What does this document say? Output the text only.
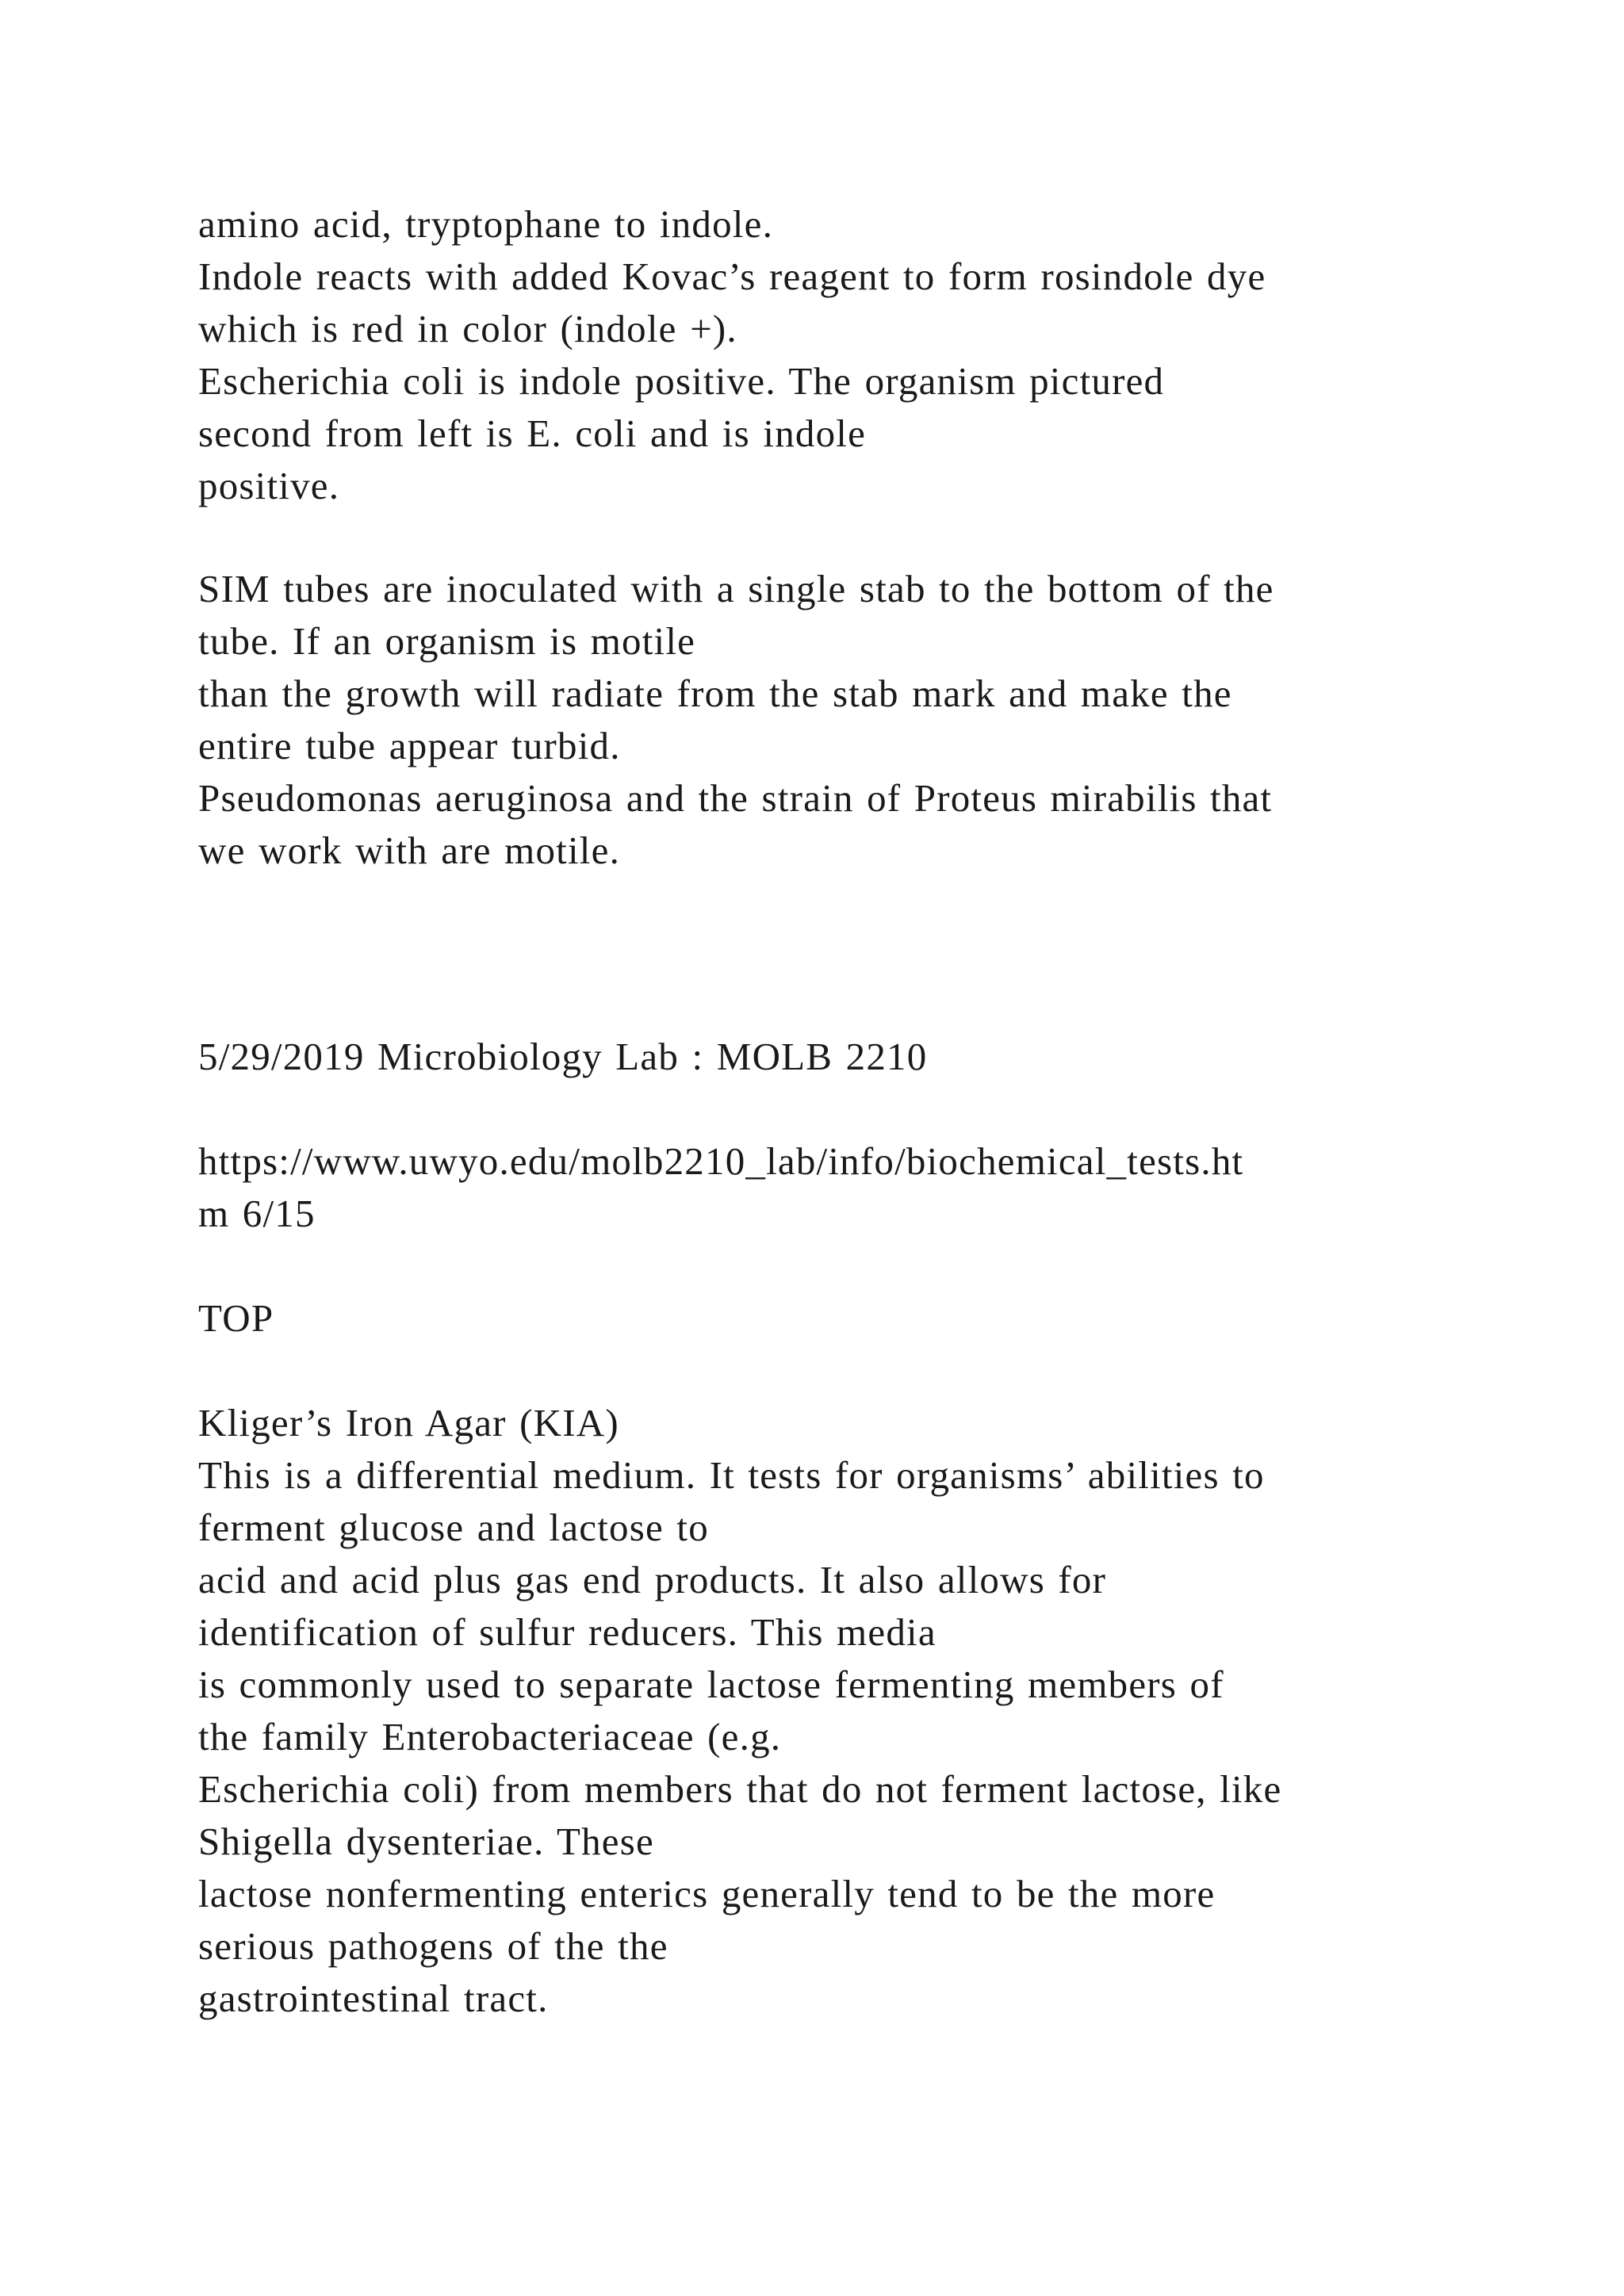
amino acid, tryptophane to indole.
Indole reacts with added Kovac’s reagent to form rosindole dye
which is red in color (indole +).
Escherichia coli is indole positive. The organism pictured
second from left is E. coli and is indole
positive.
SIM tubes are inoculated with a single stab to the bottom of the
tube. If an organism is motile
than the growth will radiate from the stab mark and make the
entire tube appear turbid.
Pseudomonas aeruginosa and the strain of Proteus mirabilis that
we work with are motile.
5/29/2019 Microbiology Lab : MOLB 2210
https://www.uwyo.edu/molb2210_lab/info/biochemical_tests.ht
m 6/15
TOP
Kliger’s Iron Agar (KIA)
This is a differential medium. It tests for organisms’ abilities to
ferment glucose and lactose to
acid and acid plus gas end products. It also allows for
identification of sulfur reducers. This media
is commonly used to separate lactose fermenting members of
the family Enterobacteriaceae (e.g.
Escherichia coli) from members that do not ferment lactose, like
Shigella dysenteriae. These
lactose nonfermenting enterics generally tend to be the more
serious pathogens of the the
gastrointestinal tract.
